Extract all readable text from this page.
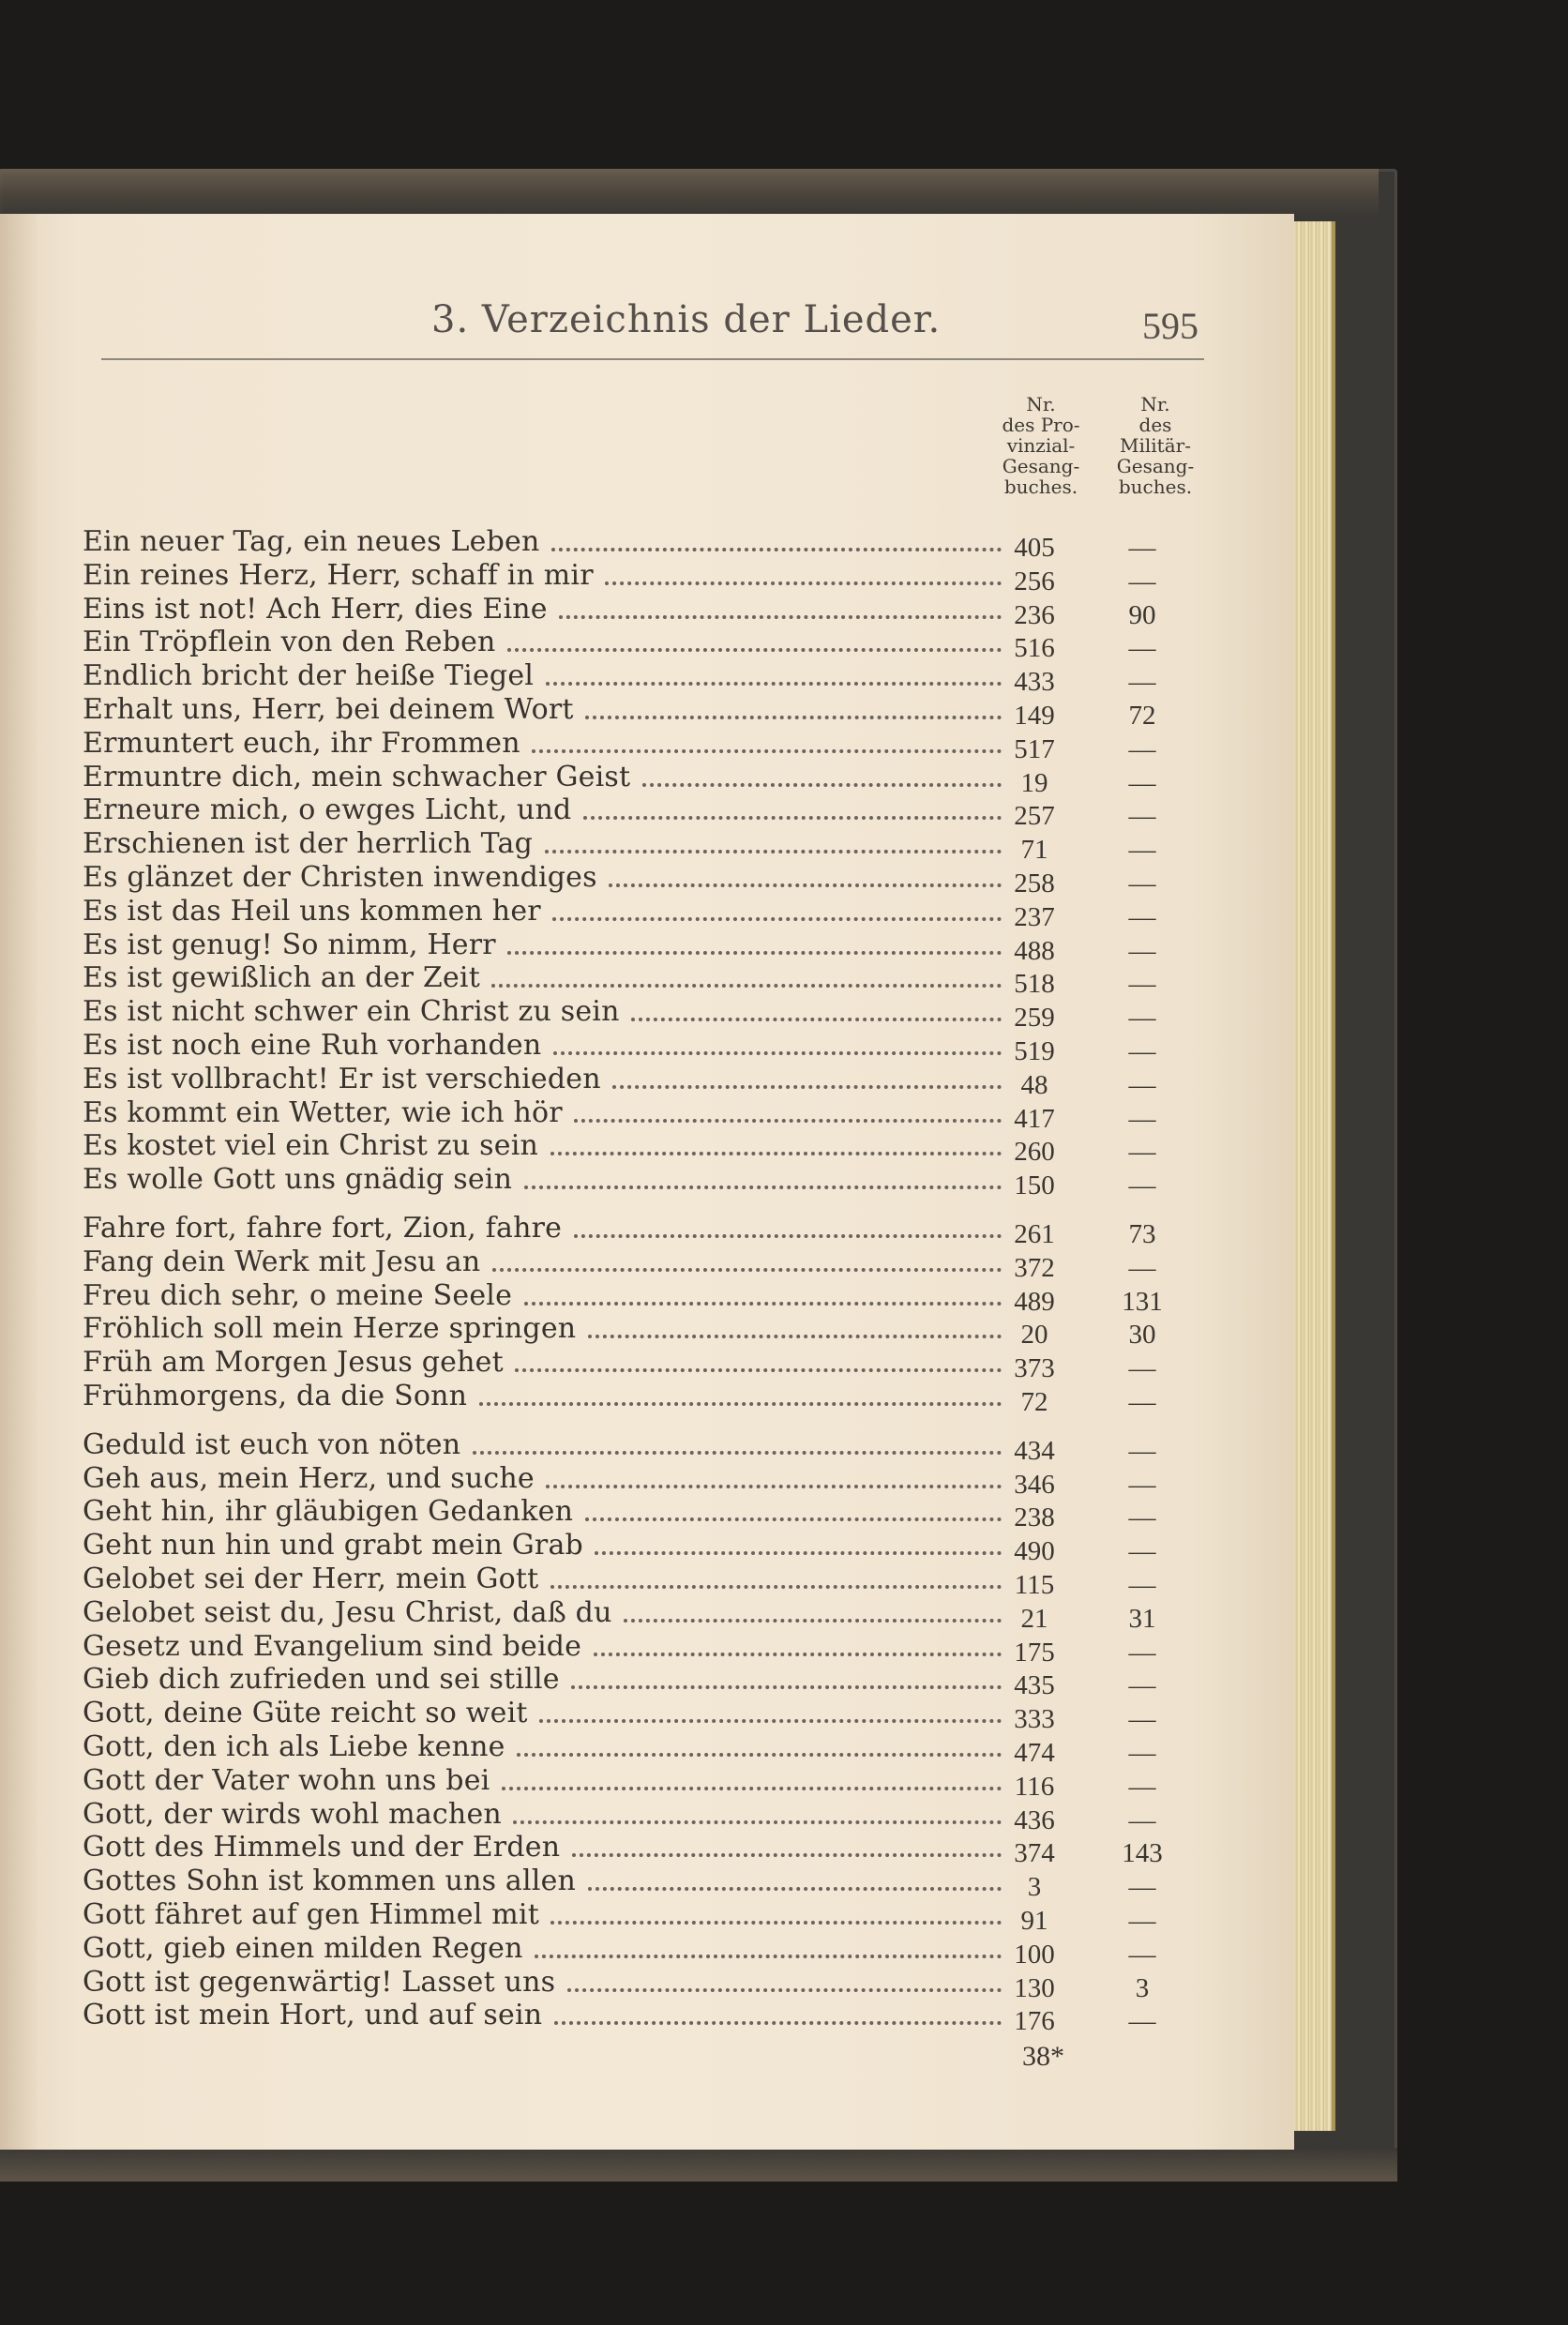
3. Verzeichnis der Lieder.	595
Nr.
des Pro-
vinzial-
Gesang-
buches.
Nr.
des
Militär-
Gesang-
buches.
Ein neuer Tag, ein neues Leben	405	—
Ein reines Herz, Herr, schaff in mir	256	—
Eins ist not! Ach Herr, dies Eine	236	90
Ein Tröpflein von den Reben	516	—
Endlich bricht der heiße Tiegel	433	—
Erhalt uns, Herr, bei deinem Wort	149	72
Ermuntert euch, ihr Frommen	517	—
Ermuntre dich, mein schwacher Geist	19	—
Erneure mich, o ewges Licht, und	257	—
Erschienen ist der herrlich Tag	71	—
Es glänzet der Christen inwendiges	258	—
Es ist das Heil uns kommen her	237	—
Es ist genug! So nimm, Herr	488	—
Es ist gewißlich an der Zeit	518	—
Es ist nicht schwer ein Christ zu sein	259	—
Es ist noch eine Ruh vorhanden	519	—
Es ist vollbracht! Er ist verschieden	48	—
Es kommt ein Wetter, wie ich hör	417	—
Es kostet viel ein Christ zu sein	260	—
Es wolle Gott uns gnädig sein	150	—
Fahre fort, fahre fort, Zion, fahre	261	73
Fang dein Werk mit Jesu an	372	—
Freu dich sehr, o meine Seele	489	131
Fröhlich soll mein Herze springen	20	30
Früh am Morgen Jesus gehet	373	—
Frühmorgens, da die Sonn	72	—
Geduld ist euch von nöten	434	—
Geh aus, mein Herz, und suche	346	—
Geht hin, ihr gläubigen Gedanken	238	—
Geht nun hin und grabt mein Grab	490	—
Gelobet sei der Herr, mein Gott	115	—
Gelobet seist du, Jesu Christ, daß du	21	31
Gesetz und Evangelium sind beide	175	—
Gieb dich zufrieden und sei stille	435	—
Gott, deine Güte reicht so weit	333	—
Gott, den ich als Liebe kenne	474	—
Gott der Vater wohn uns bei	116	—
Gott, der wirds wohl machen	436	—
Gott des Himmels und der Erden	374	143
Gottes Sohn ist kommen uns allen	3	—
Gott fähret auf gen Himmel mit	91	—
Gott, gieb einen milden Regen	100	—
Gott ist gegenwärtig! Lasset uns	130	3
Gott ist mein Hort, und auf sein	176	—
38*
